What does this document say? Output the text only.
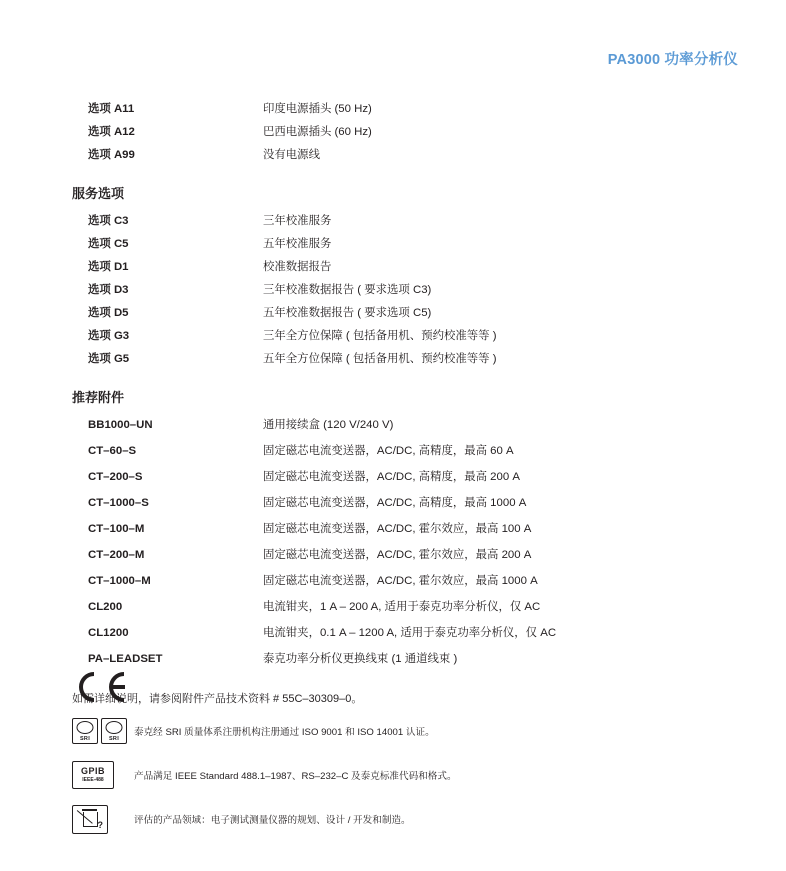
PA3000 功率分析仪
选项 A11	印度电源插头 (50 Hz)
选项 A12	巴西电源插头 (60 Hz)
选项 A99	没有电源线
服务选项
选项 C3	三年校准服务
选项 C5	五年校准服务
选项 D1	校准数据报告
选项 D3	三年校准数据报告 ( 要求选项 C3)
选项 D5	五年校准数据报告 ( 要求选项 C5)
选项 G3	三年全方位保障 ( 包括备用机、预约校准等等 )
选项 G5	五年全方位保障 ( 包括备用机、预约校准等等 )
推荐附件
BB1000–UN	通用接续盒 (120 V/240 V)
CT–60–S	固定磁芯电流变送器，AC/DC, 高精度，最高 60 A
CT–200–S	固定磁芯电流变送器，AC/DC, 高精度，最高 200 A
CT–1000–S	固定磁芯电流变送器，AC/DC, 高精度，最高 1000 A
CT–100–M	固定磁芯电流变送器，AC/DC, 霍尔效应，最高 100 A
CT–200–M	固定磁芯电流变送器，AC/DC, 霍尔效应，最高 200 A
CT–1000–M	固定磁芯电流变送器，AC/DC, 霍尔效应，最高 1000 A
CL200	电流钳夹，1 A – 200 A, 适用于泰克功率分析仪，仅 AC
CL1200	电流钳夹，0.1 A – 1200 A, 适用于泰克功率分析仪，仅 AC
PA–LEADSET	泰克功率分析仪更换线束 (1 通道线束 )
如需详细说明，请参阅附件产品技术资料 # 55C–30309–0。
SRI	SRI
泰克经 SRI 质量体系注册机构注册通过 ISO 9001 和 ISO 14001 认证。
GPIB
IEEE-488	产品满足 IEEE Standard 488.1–1987、RS–232–C 及泰克标准代码和格式。
?	评估的产品领域：电子测试测量仪器的规划、设计 / 开发和制造。
